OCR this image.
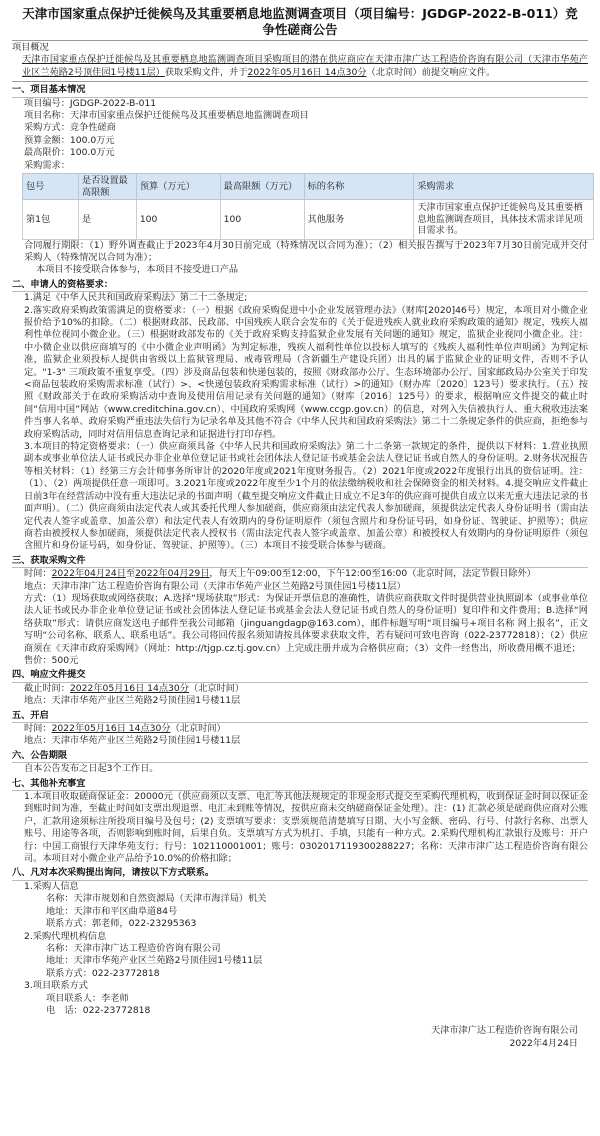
天津市国家重点保护迁徙候鸟及其重要栖息地监测调查项目（项目编号：JGDGP-2022-B-011）竞争性磋商公告
项目概况
天津市国家重点保护迁徙候鸟及其重要栖息地监测调查项目采购项目的潜在供应商应在天津市津广达工程造价咨询有限公司（天津市华苑产业区兰苑路2号顶佳园1号楼11层）获取采购文件，并于2022年05月16日 14点30分（北京时间）前提交响应文件。
一、项目基本情况
项目编号：JGDGP-2022-B-011
项目名称：天津市国家重点保护迁徙候鸟及其重要栖息地监测调查项目
采购方式：竞争性磋商
预算金额：100.0万元
最高限价：100.0万元
采购需求：
包号	是否设置最高限额	预算（万元）	最高限额（万元）	标的名称	采购需求
第1包	是	100	100	其他服务	天津市国家重点保护迁徙候鸟及其重要栖息地监测调查项目，具体技术需求详见项目需求书。
合同履行期限：（1）野外调查截止于2023年4月30日前完成（特殊情况以合同为准）；（2）相关报告撰写于2023年7月30日前完成并交付采购人（特殊情况以合同为准）；
本项目不接受联合体参与，本项目不接受进口产品
二、申请人的资格要求：
1.满足《中华人民共和国政府采购法》第二十二条规定;
2.落实政府采购政策需满足的资格要求：（一）根据《政府采购促进中小企业发展管理办法》（财库[2020]46号）规定，本项目对小微企业报价给予10%的扣除。（二）根据财政部、民政部、中国残疾人联合会发布的《关于促进残疾人就业政府采购政策的通知》规定，残疾人福利性单位视同小微企业。（三）根据财政部发布的《关于政府采购支持监狱企业发展有关问题的通知》规定，监狱企业视同小微企业。注：中小微企业以供应商填写的《中小微企业声明函》为判定标准，残疾人福利性单位以投标人填写的《残疾人福利性单位声明函》为判定标准，监狱企业须投标人提供由省级以上监狱管理局、戒毒管理局（含新疆生产建设兵团）出具的属于监狱企业的证明文件，否则不予认定。"1-3" 三项政策不重复享受。（四）涉及商品包装和快递包装的，按照《财政部办公厅、生态环境部办公厅、国家邮政局办公室关于印发<商品包装政府采购需求标准（试行）>、<快递包装政府采购需求标准（试行）>的通知》（财办库〔2020〕123号）要求执行。（五）按照《财政部关于在政府采购活动中查询及使用信用记录有关问题的通知》（财库〔2016〕125号）的要求，根据响应文件提交的截止时间“信用中国”网站（www.creditchina.gov.cn）、中国政府采购网（www.ccgp.gov.cn）的信息，对列入失信被执行人、重大税收违法案件当事人名单、政府采购严重违法失信行为记录名单及其他不符合《中华人民共和国政府采购法》第二十二条规定条件的供应商，拒绝参与政府采购活动，同时对信用信息查询记录和证据进行打印存档。
3.本项目的特定资格要求：（一）供应商须具备《中华人民共和国政府采购法》第二十二条第一款规定的条件，提供以下材料：1.营业执照副本或事业单位法人证书或民办非企业单位登记证书或社会团体法人登记证书或基金会法人登记证书或自然人的身份证明。2.财务状况报告等相关材料：（1）经第三方会计师事务所审计的2020年度或2021年度财务报告。（2）2021年度或2022年度银行出具的资信证明。注：（1）、（2）两项提供任意一项即可。3.2021年度或2022年度至少1个月的依法缴纳税收和社会保障资金的相关材料。4.提交响应文件截止日前3年在经营活动中没有重大违法记录的书面声明（截至提交响应文件截止日成立不足3年的供应商可提供自成立以来无重大违法记录的书面声明）。（二）供应商须由法定代表人或其委托代理人参加磋商，供应商须由法定代表人参加磋商，须提供法定代表人身份证明书（需由法定代表人签字或盖章、加盖公章）和法定代表人有效期内的身份证明原件（须包含照片和身份证号码，如身份证、驾驶证、护照等）；供应商若由被授权人参加磋商，须提供法定代表人授权书（需由法定代表人签字或盖章、加盖公章）和被授权人有效期内的身份证明原件（须包含照片和身份证号码，如身份证、驾驶证、护照等）。（三）本项目不接受联合体参与磋商。
三、获取采购文件
时间：2022年04月24日至2022年04月29日，每天上午09:00至12:00，下午12:00至16:00（北京时间，法定节假日除外）
地点：天津市津广达工程造价咨询有限公司（天津市华苑产业区兰苑路2号顶佳园1号楼11层）
方式：（1）现场获取或网络获取；A.选择“现场获取”形式：为保证开票信息的准确性，请供应商获取文件时提供营业执照副本（或事业单位法人证书或民办非企业单位登记证书或社会团体法人登记证书或基金会法人登记证书或自然人的身份证明）复印件和文件费用；B.选择“网络获取”形式：请供应商发送电子邮件至我公司邮箱（jinguangdagp@163.com），邮件标题写明“项目编号+项目名称 网上报名”，正文写明“公司名称、联系人、联系电话”。我公司将回传报名须知请按具体要求获取文件，若有疑问可致电咨询（022-23772818）；（2）供应商须在《天津市政府采购网》（网址：http://tjgp.cz.tj.gov.cn）上完成注册并成为合格供应商；（3）文件一经售出，所收费用概不退还；
售价：500元
四、响应文件提交
截止时间：2022年05月16日 14点30分（北京时间）
地点：天津市华苑产业区兰苑路2号顶佳园1号楼11层
五、开启
时间：2022年05月16日 14点30分（北京时间）
地点：天津市华苑产业区兰苑路2号顶佳园1号楼11层
六、公告期限
自本公告发布之日起3个工作日。
七、其他补充事宜
1.本项目收取磋商保证金：20000元（供应商须以支票、电汇等其他法规规定的非现金形式提交至采购代理机构，收到保证金时间以保证金到账时间为准，至截止时间如支票出现退票、电汇未到账等情况，按供应商未交纳磋商保证金处理）。注：(1) 汇款必须是磋商供应商对公账户，汇款用途须标注所投项目编号及包号；(2) 支票填写要求：支票须规范清楚填写日期、大小写金额、密码、行号、付款行名称、出票人账号、用途等各项，否则影响到账时间，后果自负。支票填写方式为机打、手填，只能有一种方式。2.采购代理机构汇款银行及账号：开户行：中国工商银行天津华苑支行；行号：102110001001；账号：0302017119300288227；名称：天津市津广达工程造价咨询有限公司。本项目对小微企业产品给予10.0%的价格扣除；
八、凡对本次采购提出询问，请按以下方式联系。
1.采购人信息
名称：天津市规划和自然资源局（天津市海洋局）机关
地址：天津市和平区曲阜道84号
联系方式：郭老师，022-23295363
2.采购代理机构信息
名称：天津市津广达工程造价咨询有限公司
地址：天津市华苑产业区兰苑路2号顶佳园1号楼11层
联系方式：022-23772818
3.项目联系方式
项目联系人：李老师
电　话：022-23772818
天津市津广达工程造价咨询有限公司
2022年4月24日
